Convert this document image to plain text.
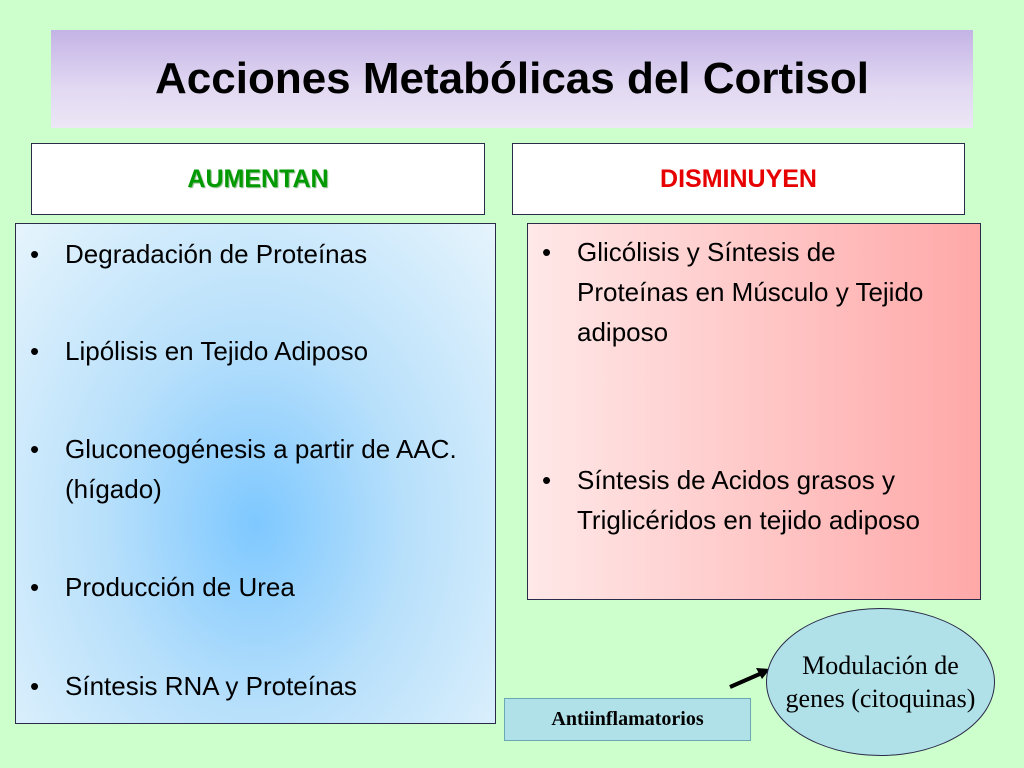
Acciones Metabólicas del Cortisol
AUMENTAN	DISMINUYEN
• Degradación de Proteínas
• Lipólisis en Tejido Adiposo
• Gluconeogénesis a partir de AAC. (hígado)
• Producción de Urea
• Síntesis RNA y Proteínas
• Glicólisis y Síntesis de Proteínas en Músculo y Tejido adiposo
• Síntesis de Acidos grasos y Triglicéridos en tejido adiposo
Antiinflamatorios
Modulación de genes (citoquinas)
